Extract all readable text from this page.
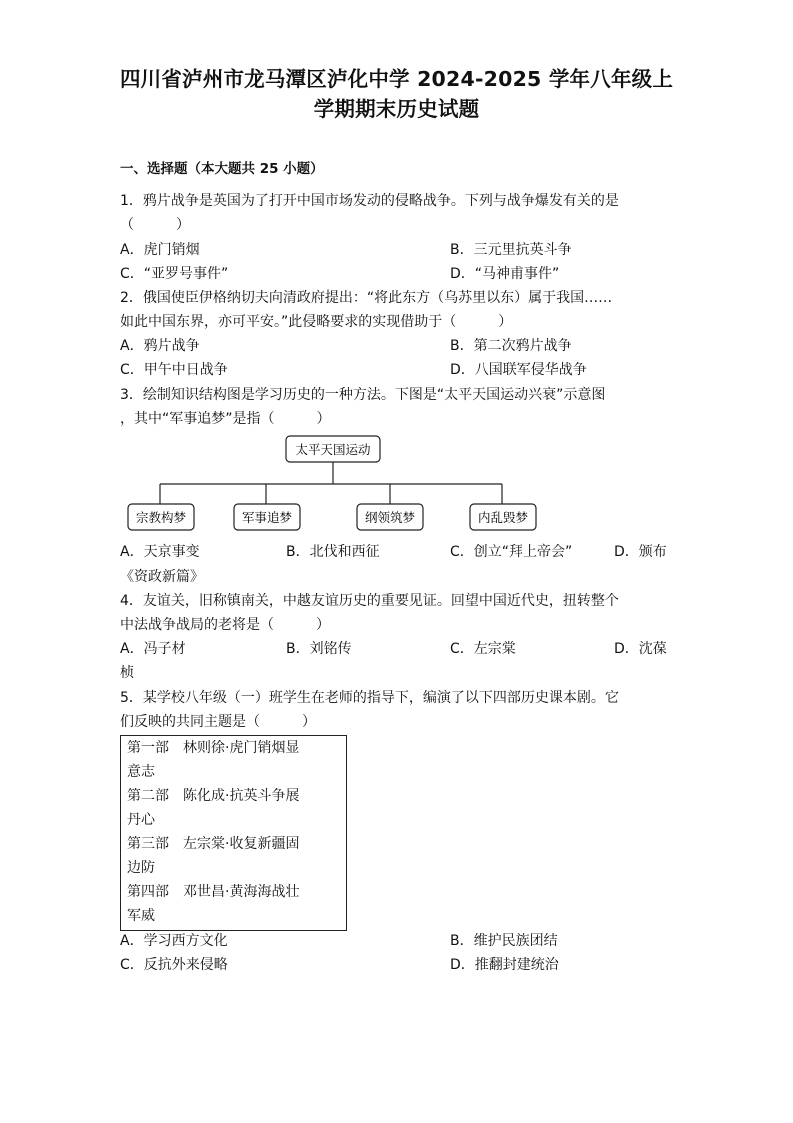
四川省泸州市龙马潭区泸化中学 2024-2025 学年八年级上
学期期末历史试题
一、选择题（本大题共 25 小题）
1．鸦片战争是英国为了打开中国市场发动的侵略战争。下列与战争爆发有关的是
（　　　）
A．虎门销烟	B．三元里抗英斗争
C．“亚罗号事件”	D．“马神甫事件”
2．俄国使臣伊格纳切夫向清政府提出：“将此东方（乌苏里以东）属于我国……
如此中国东界，亦可平安。”此侵略要求的实现借助于（　　　）
A．鸦片战争	B．第二次鸦片战争
C．甲午中日战争	D．八国联军侵华战争
3．绘制知识结构图是学习历史的一种方法。下图是“太平天国运动兴衰”示意图
，其中“军事追梦”是指（　　　）
太平天国运动
宗教构梦	军事追梦	纲领筑梦	内乱毁梦
A．天京事变	B．北伐和西征	C．创立“拜上帝会”	D．颁布
《资政新篇》
4．友谊关，旧称镇南关，中越友谊历史的重要见证。回望中国近代史，扭转整个
中法战争战局的老将是（　　　）
A．冯子材	B．刘铭传	C．左宗棠	D．沈葆
桢
5．某学校八年级（一）班学生在老师的指导下，编演了以下四部历史课本剧。它
们反映的共同主题是（　　　）
第一部　林则徐·虎门销烟显
意志
第二部　陈化成·抗英斗争展
丹心
第三部　左宗棠·收复新疆固
边防
第四部　邓世昌·黄海海战壮
军威
A．学习西方文化	B．维护民族团结
C．反抗外来侵略	D．推翻封建统治
